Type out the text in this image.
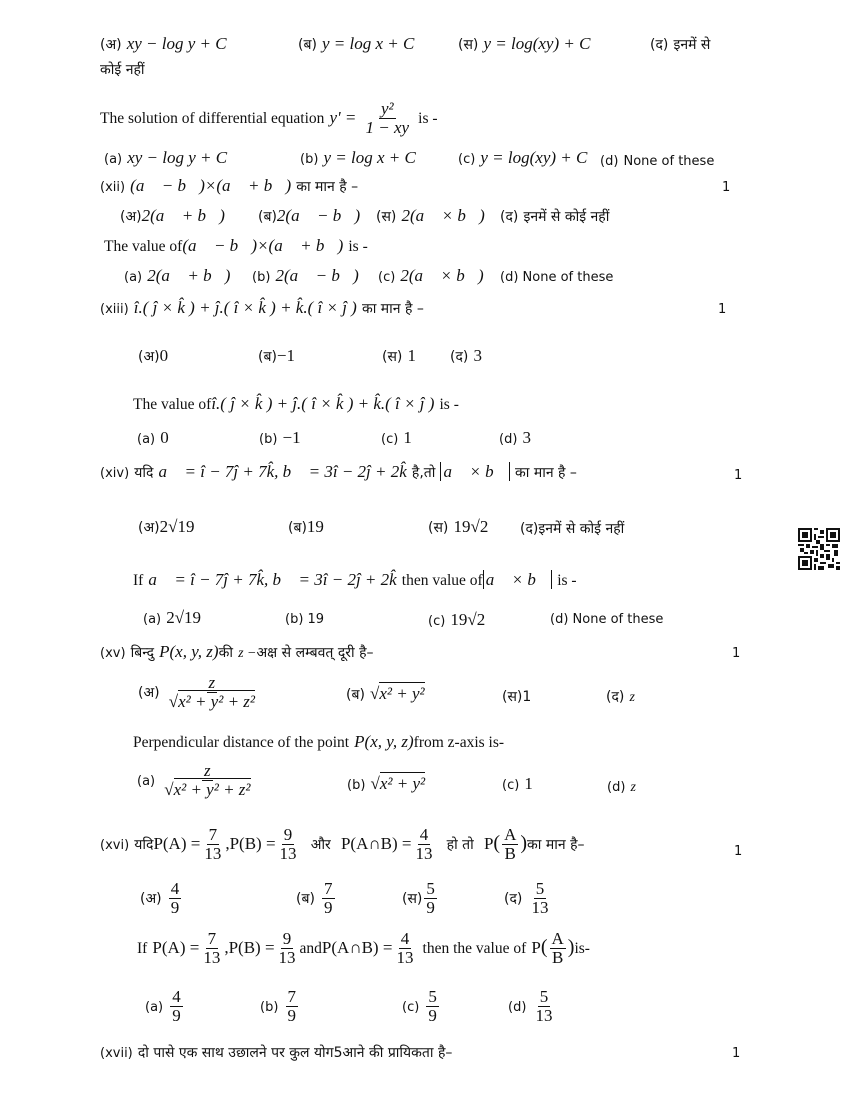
(अ) xy − log y + C	(ब) y = log x + C	(स) y = log(xy) + C	(द) इनमें से
कोई नहीं
The solution of differential equation $y' = \frac{\text{y²}}{1 - xy}$ is -
(a) xy − log y + C	(b) y = log x + C	(c) y = log(xy) + C (d) None of these
(xii) (a⃗ − b⃗)×(a⃗ + b⃗) का मान है –	1
(अ)2(a⃗ + b⃗) (ब)2(a⃗ − b⃗) (स) 2(a⃗ × b⃗) (द) इनमें से कोई नहीं
The value of(a⃗ − b⃗)×(a⃗ + b⃗) is -
(a) 2(a⃗ + b⃗) (b) 2(a⃗ − b⃗) (c) 2(a⃗ × b⃗) (d) None of these
(xiii) î.( ĵ × k̂ ) + ĵ.( î × k̂ ) + k̂.( î × ĵ ) का मान है –	1
(अ)0	(ब)−1	(स) 1 (द) 3
The value ofî.( ĵ × k̂ ) + ĵ.( î × k̂ ) + k̂.( î × ĵ ) is -
(a) 0	(b) −1	(c) 1	(d) 3
(xiv) यदि a⃗ = î − 7ĵ + 7k̂, b⃗ = 3î − 2ĵ + 2k̂ है,तो a⃗ × b⃗ का मान है –	1
(अ)2√19	(ब)19	(स) 19√2 (द)इनमें से कोई नहीं
If a⃗ = î − 7ĵ + 7k̂, b⃗ = 3î − 2ĵ + 2k̂ then value of a⃗ × b⃗ is -
(a) 2√19	(b) 19	(c) 19√2	(d) None of these
(xv) बिन्दु P(x, y, z)की z −अक्ष से लम्बवत् दूरी है–	1
(अ) $\frac{z}{\text{√x² + y² + z²}}$	(ब) √x² + y²	(स)1	(द) z
Perpendicular distance of the point P(x, y, z)from z-axis is-
$(a) \frac{z}{\text{√x² + y² + z²}}$	(b) √x² + y²	(c) 1	(d) z
(xvi) यदिP(A) = $\frac{7}{13} ,P(B) = \frac{9}{13}$ और P(A∩B) = $\frac{4}{13}$ हो तो $P( \frac{A}{B}$ )का मान है–	1
(अ) $\frac{4}{9}$	(ब) $\frac{7}{9}$	(स) $\frac{5}{9}$	(द) $\frac{5}{13}$
If $P(A) = \frac{7}{13} ,P(B) = \frac{9}{13}$ andP(A∩B) = $\frac{4}{13}$ then the value of $P( \frac{A}{B} )is-$
$(a) \frac{4}{9}$	$(b) \frac{7}{9}$	$(c) \frac{5}{9}$	$(d) \frac{5}{13}$
(xvii) दो पासे एक साथ उछालने पर कुल योग5आने की प्रायिकता है–	1
